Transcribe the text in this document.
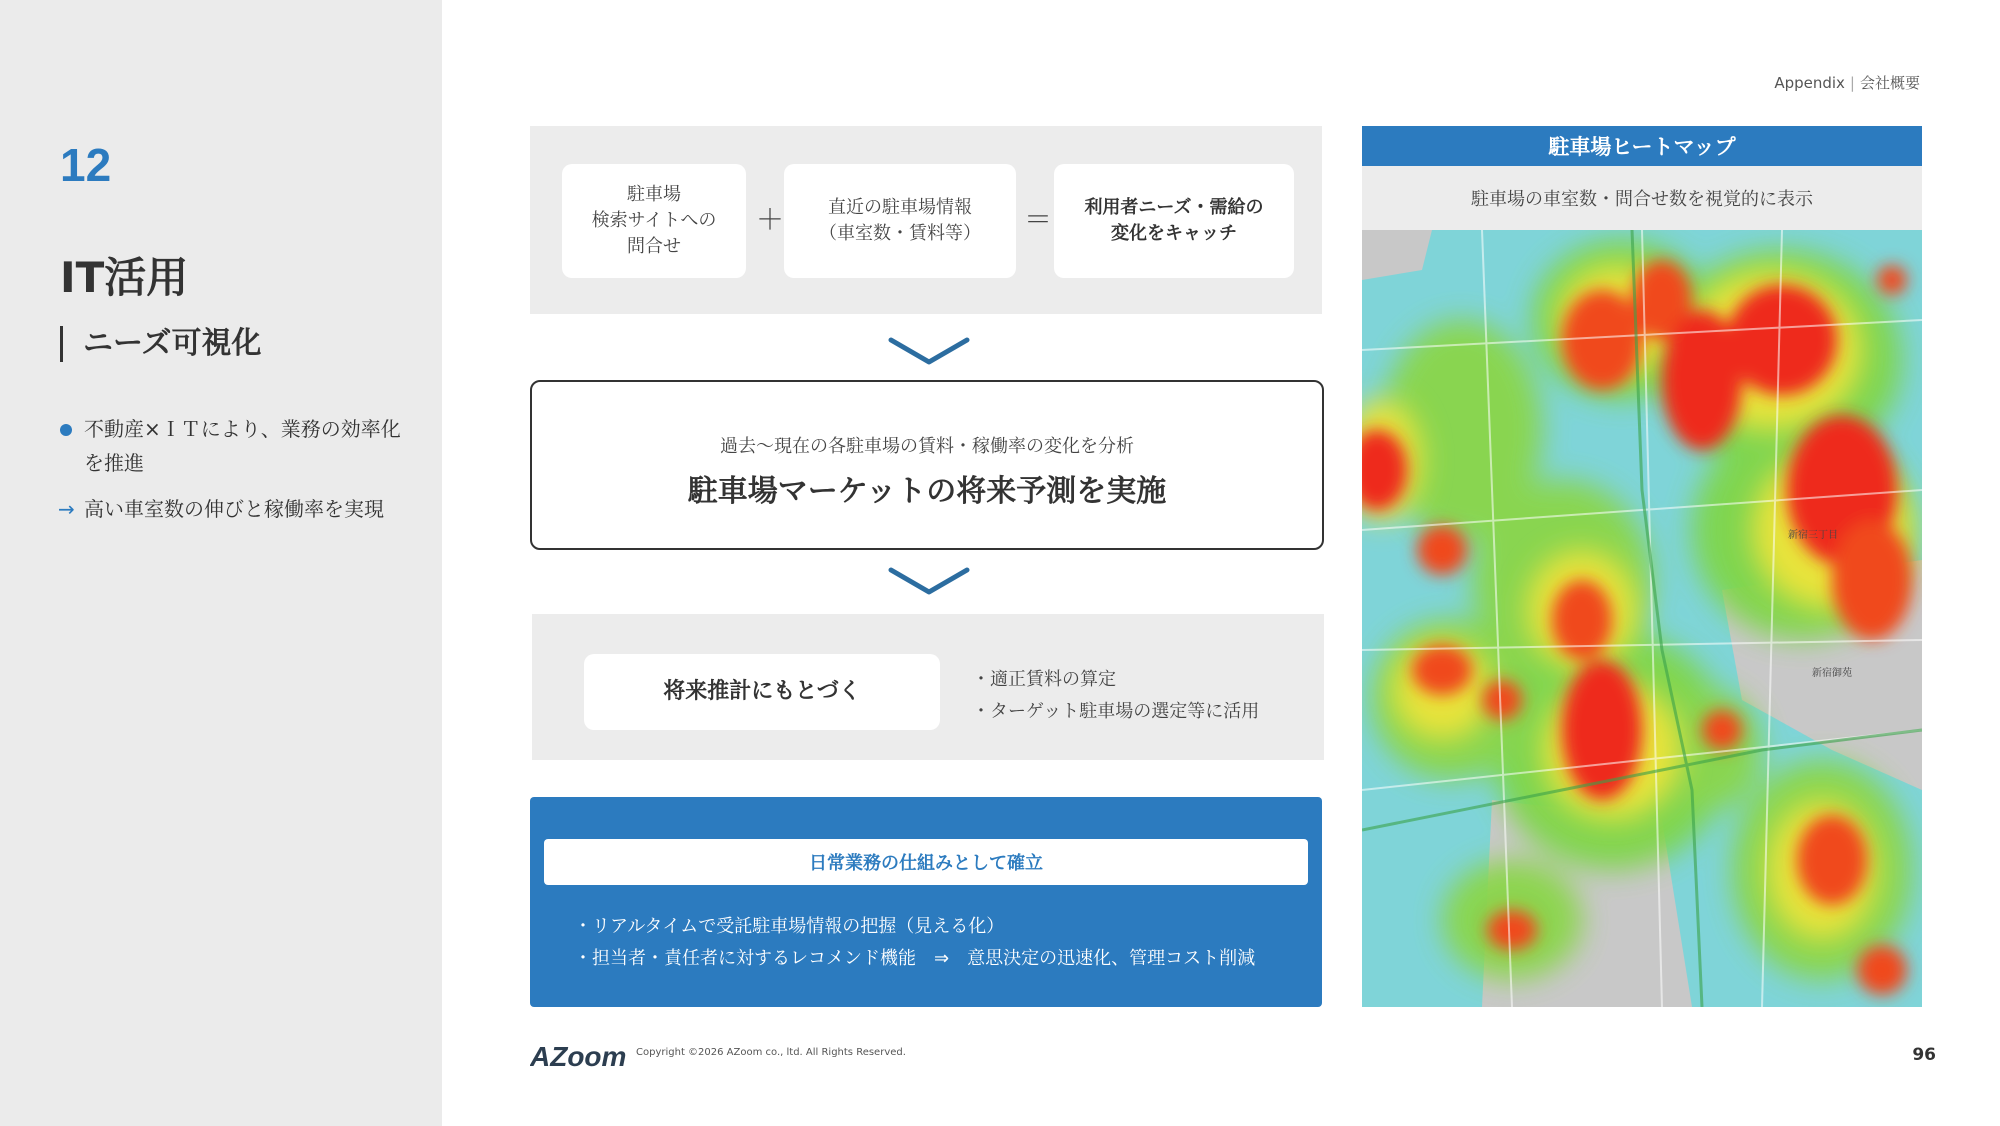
12
IT活用
ニーズ可視化
不動産×ＩＴにより、業務の効率化を推進
→ 高い車室数の伸びと稼働率を実現
Appendix | 会社概要
駐車場
検索サイトへの
問合せ
＋	直近の駐車場情報
（車室数・賃料等）	＝	利用者ニーズ・需給の
変化をキャッチ
過去〜現在の各駐車場の賃料・稼働率の変化を分析
駐車場マーケットの将来予測を実施
将来推計にもとづく	・適正賃料の算定
・ターゲット駐車場の選定等に活用
日常業務の仕組みとして確立
・リアルタイムで受託駐車場情報の把握（見える化）
・担当者・責任者に対するレコメンド機能　⇒　意思決定の迅速化、管理コスト削減
駐車場ヒートマップ
駐車場の車室数・問合せ数を視覚的に表示
新宿三丁目
新宿御苑
AZoom Copyright ©2026 AZoom co., ltd. All Rights Reserved.	96
